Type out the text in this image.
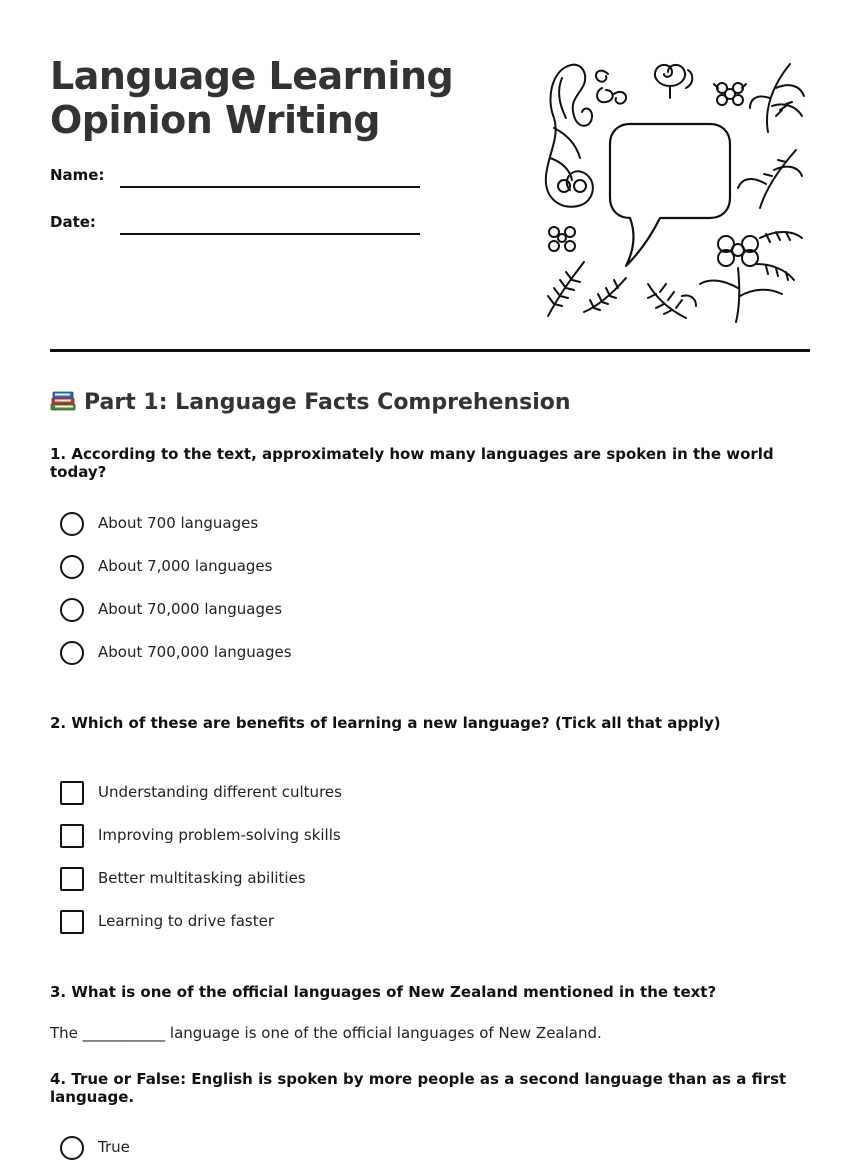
Language Learning
Opinion Writing
Name:
Date:
Part 1: Language Facts Comprehension

1. According to the text, approximately how many languages are spoken in the world today?

About 700 languages
About 7,000 languages
About 70,000 languages
About 700,000 languages

2. Which of these are benefits of learning a new language? (Tick all that apply)

Understanding different cultures
Improving problem-solving skills
Better multitasking abilities
Learning to drive faster

3. What is one of the official languages of New Zealand mentioned in the text?

The ___________ language is one of the official languages of New Zealand.

4. True or False: English is spoken by more people as a second language than as a first language.

True
